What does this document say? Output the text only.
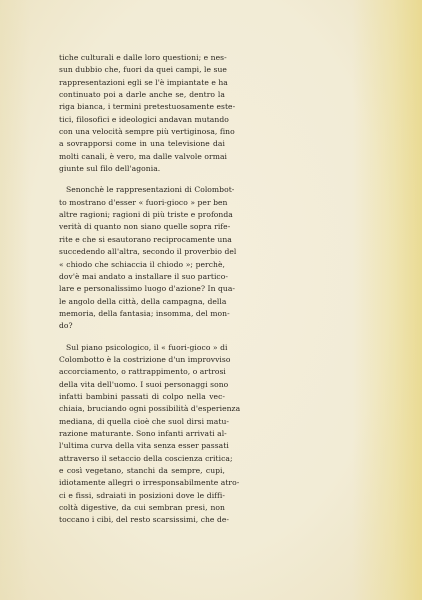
tiche culturali e dalle loro questioni; e nes-
sun dubbio che, fuori da quei campi, le sue
rappresentazioni egli se l'è impiantate e ha
continuato poi a darle anche se, dentro la
riga bianca, i termini pretestuosamente este-
tici, filosofici e ideologici andavan mutando
con una velocità sempre più vertiginosa, fino
a sovrapporsi come in una televisione dai
molti canali, è vero, ma dalle valvole ormai
giunte sul filo dell'agonia.
Senonchè le rappresentazioni di Colombot-
to mostrano d'esser « fuori-gioco » per ben
altre ragioni; ragioni di più triste e profonda
verità di quanto non siano quelle sopra rife-
rite e che si esautorano reciprocamente una
succedendo all'altra, secondo il proverbio del
« chiodo che schiaccia il chiodo »; perchè,
dov'è mai andato a installare il suo partico-
lare e personalissimo luogo d'azione? In qua-
le angolo della città, della campagna, della
memoria, della fantasia; insomma, del mon-
do?
Sul piano psicologico, il « fuori-gioco » di
Colombotto è la costrizione d'un improvviso
accorciamento, o rattrappimento, o artrosi
della vita dell'uomo. I suoi personaggi sono
infatti bambini passati di colpo nella vec-
chiaia, bruciando ogni possibilità d'esperienza
mediana, di quella cioè che suol dirsi matu-
razione maturante. Sono infanti arrivati al-
l'ultima curva della vita senza esser passati
attraverso il setaccio della coscienza critica;
e così vegetano, stanchi da sempre, cupi,
idiotamente allegri o irresponsabilmente atro-
ci e fissi, sdraiati in posizioni dove le diffi-
coltà digestive, da cui sembran presi, non
toccano i cibi, del resto scarsissimi, che de-
